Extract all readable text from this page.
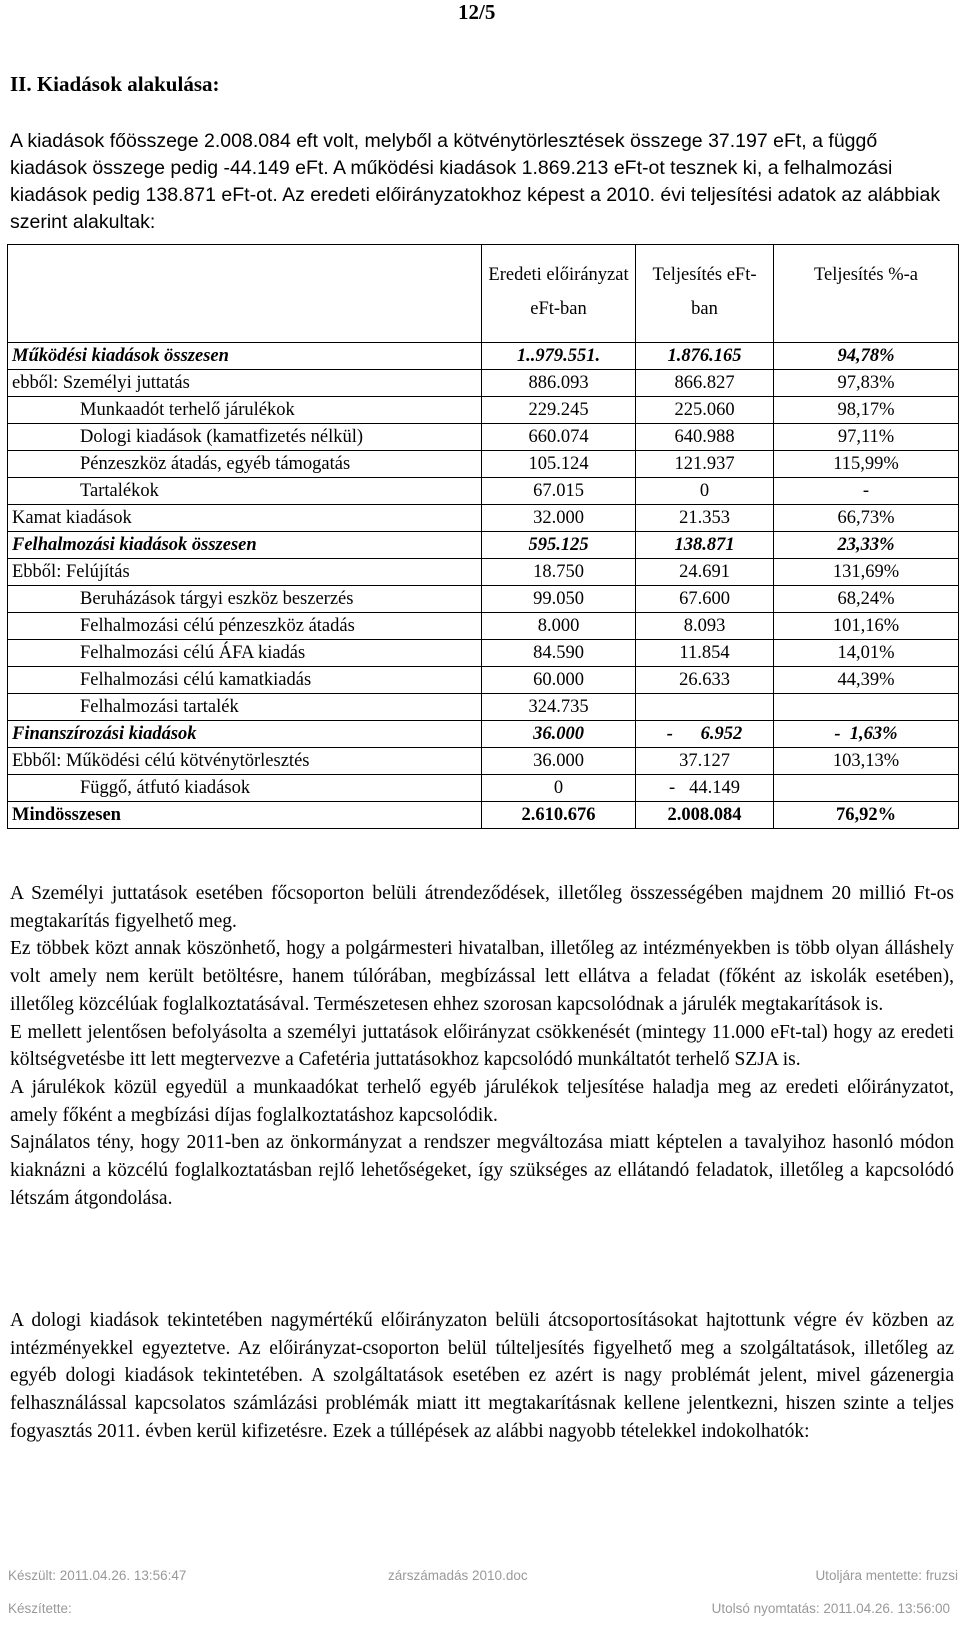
12/5
II. Kiadások alakulása:
A kiadások főösszege 2.008.084 eft volt, melyből a kötvénytörlesztések összege 37.197 eFt, a függő kiadások összege pedig -44.149 eFt. A működési kiadások 1.869.213 eFt-ot tesznek ki, a felhalmozási kiadások pedig 138.871 eFt-ot. Az eredeti előirányzatokhoz képest a 2010. évi teljesítési adatok az alábbiak szerint alakultak:
	Eredeti előirányzat eFt-ban	Teljesítés eFt-ban	Teljesítés %-a
Működési kiadások összesen	1..979.551.	1.876.165	94,78%
ebből: Személyi juttatás	886.093	866.827	97,83%
Munkaadót terhelő járulékok	229.245	225.060	98,17%
Dologi kiadások (kamatfizetés nélkül)	660.074	640.988	97,11%
Pénzeszköz átadás, egyéb támogatás	105.124	121.937	115,99%
Tartalékok	67.015	0	-
Kamat kiadások	32.000	21.353	66,73%
Felhalmozási kiadások összesen	595.125	138.871	23,33%
Ebből: Felújítás	18.750	24.691	131,69%
Beruházások tárgyi eszköz beszerzés	99.050	67.600	68,24%
Felhalmozási célú pénzeszköz átadás	8.000	8.093	101,16%
Felhalmozási célú ÁFA kiadás	84.590	11.854	14,01%
Felhalmozási célú kamatkiadás	60.000	26.633	44,39%
Felhalmozási tartalék	324.735		
Finanszírozási kiadások	36.000	-      6.952	-  1,63%
Ebből: Működési célú kötvénytörlesztés	36.000	37.127	103,13%
Függő, átfutó kiadások	0	-   44.149	
Mindösszesen	2.610.676	2.008.084	76,92%

A Személyi juttatások esetében főcsoporton belüli átrendeződések, illetőleg összességében majdnem 20 millió Ft-os megtakarítás figyelhető meg.

Ez többek közt annak köszönhető, hogy a polgármesteri hivatalban, illetőleg az intézményekben is több olyan álláshely volt amely nem került betöltésre, hanem túlórában, megbízással lett ellátva a feladat (főként az iskolák esetében), illetőleg közcélúak foglalkoztatásával. Természetesen ehhez szorosan kapcsolódnak a járulék megtakarítások is.

E mellett jelentősen befolyásolta a személyi juttatások előirányzat csökkenését (mintegy 11.000 eFt-tal) hogy az eredeti költségvetésbe itt lett megtervezve a Cafetéria juttatásokhoz kapcsolódó munkáltatót terhelő SZJA is.

A járulékok közül egyedül a munkaadókat terhelő egyéb járulékok teljesítése haladja meg az eredeti előirányzatot, amely főként a megbízási díjas foglalkoztatáshoz kapcsolódik.

Sajnálatos tény, hogy 2011-ben az önkormányzat a rendszer megváltozása miatt képtelen a tavalyihoz hasonló módon kiaknázni a közcélú foglalkoztatásban rejlő lehetőségeket, így szükséges az ellátandó feladatok, illetőleg a kapcsolódó létszám átgondolása.

A dologi kiadások tekintetében nagymértékű előirányzaton belüli átcsoportosításokat hajtottunk végre év közben az intézményekkel egyeztetve. Az előirányzat-csoporton belül túlteljesítés figyelhető meg a szolgáltatások, illetőleg az egyéb dologi kiadások tekintetében. A szolgáltatások esetében ez azért is nagy problémát jelent, mivel gázenergia felhasználással kapcsolatos számlázási problémák miatt itt megtakarításnak kellene jelentkezni, hiszen szinte a teljes fogyasztás 2011. évben kerül kifizetésre. Ezek a túllépések az alábbi nagyobb tételekkel indokolhatók:

Készült: 2011.04.26. 13:56:47	zárszámadás 2010.doc	Utoljára mentette: fruzsi
Készítette:	Utolsó nyomtatás: 2011.04.26. 13:56:00
